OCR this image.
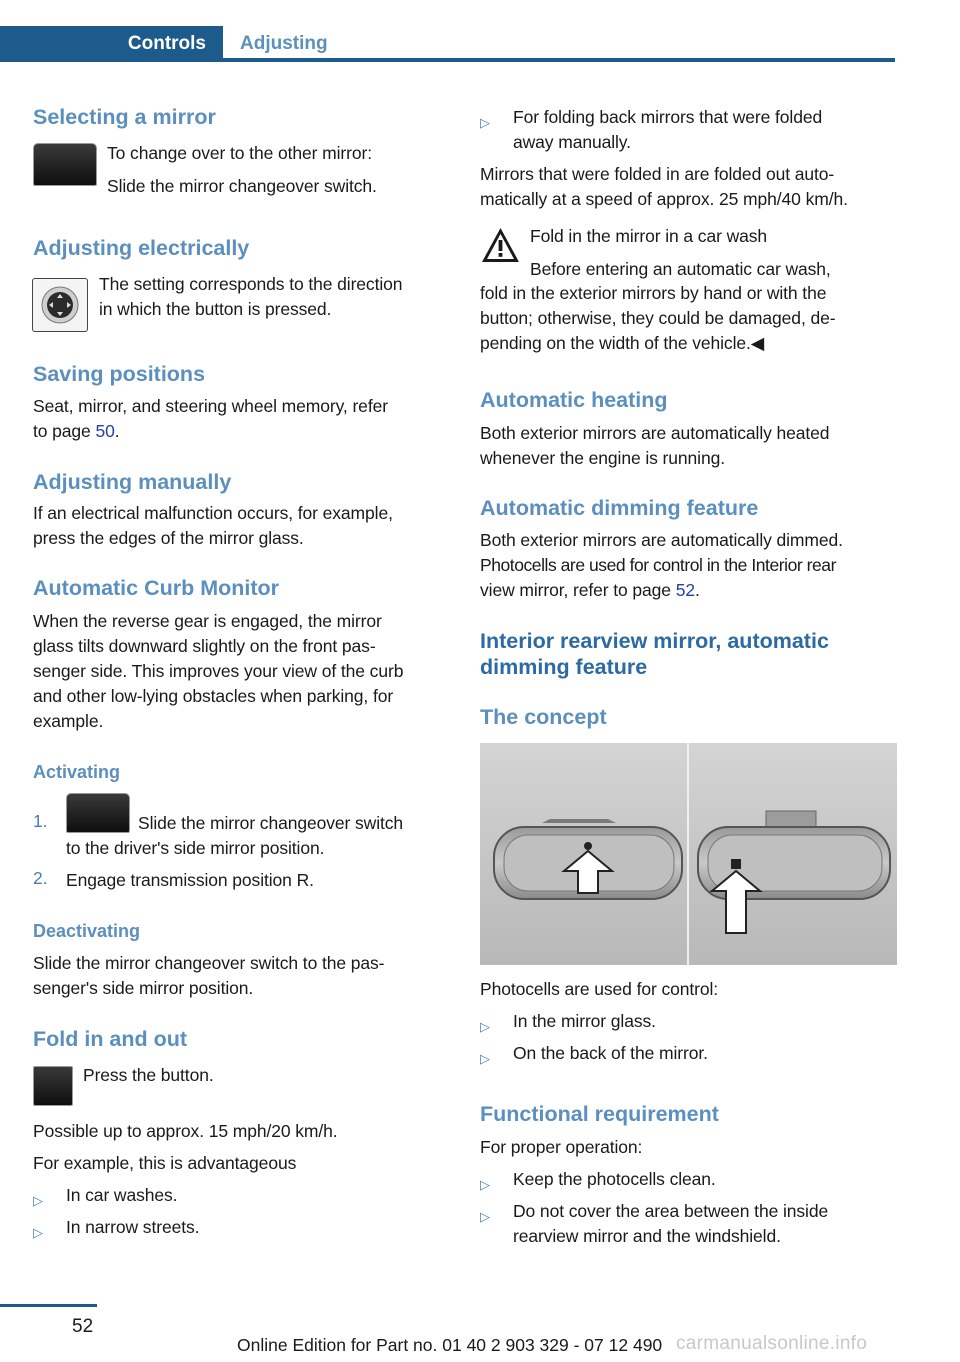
Controls	Adjusting
Selecting a mirror
To change over to the other mirror:
Slide the mirror changeover switch.
Adjusting electrically
The setting corresponds to the direction
in which the button is pressed.
Saving positions
Seat, mirror, and steering wheel memory, refer
to page 50.
Adjusting manually
If an electrical malfunction occurs, for example,
press the edges of the mirror glass.
Automatic Curb Monitor
When the reverse gear is engaged, the mirror
glass tilts downward slightly on the front pas‐
senger side. This improves your view of the curb
and other low-lying obstacles when parking, for
example.
Activating
1.	Slide the mirror changeover switch
to the driver's side mirror position.
2. Engage transmission position R.
Deactivating
Slide the mirror changeover switch to the pas‐
senger's side mirror position.
Fold in and out
Press the button.
Possible up to approx. 15 mph/20 km/h.
For example, this is advantageous
▷ In car washes.
▷ In narrow streets.
▷ For folding back mirrors that were folded
away manually.
Mirrors that were folded in are folded out auto‐
matically at a speed of approx. 25 mph/40 km/h.
Fold in the mirror in a car wash
Before entering an automatic car wash,
fold in the exterior mirrors by hand or with the
button; otherwise, they could be damaged, de‐
pending on the width of the vehicle.◀
Automatic heating
Both exterior mirrors are automatically heated
whenever the engine is running.
Automatic dimming feature
Both exterior mirrors are automatically dimmed.
Photocells are used for control in the Interior rear
view mirror, refer to page 52.
Interior rearview mirror, automatic
dimming feature
The concept
Photocells are used for control:
▷ In the mirror glass.
▷ On the back of the mirror.
Functional requirement
For proper operation:
▷ Keep the photocells clean.
▷ Do not cover the area between the inside
rearview mirror and the windshield.
52
Online Edition for Part no. 01 40 2 903 329 - 07 12 490 carmanualsonline.info
